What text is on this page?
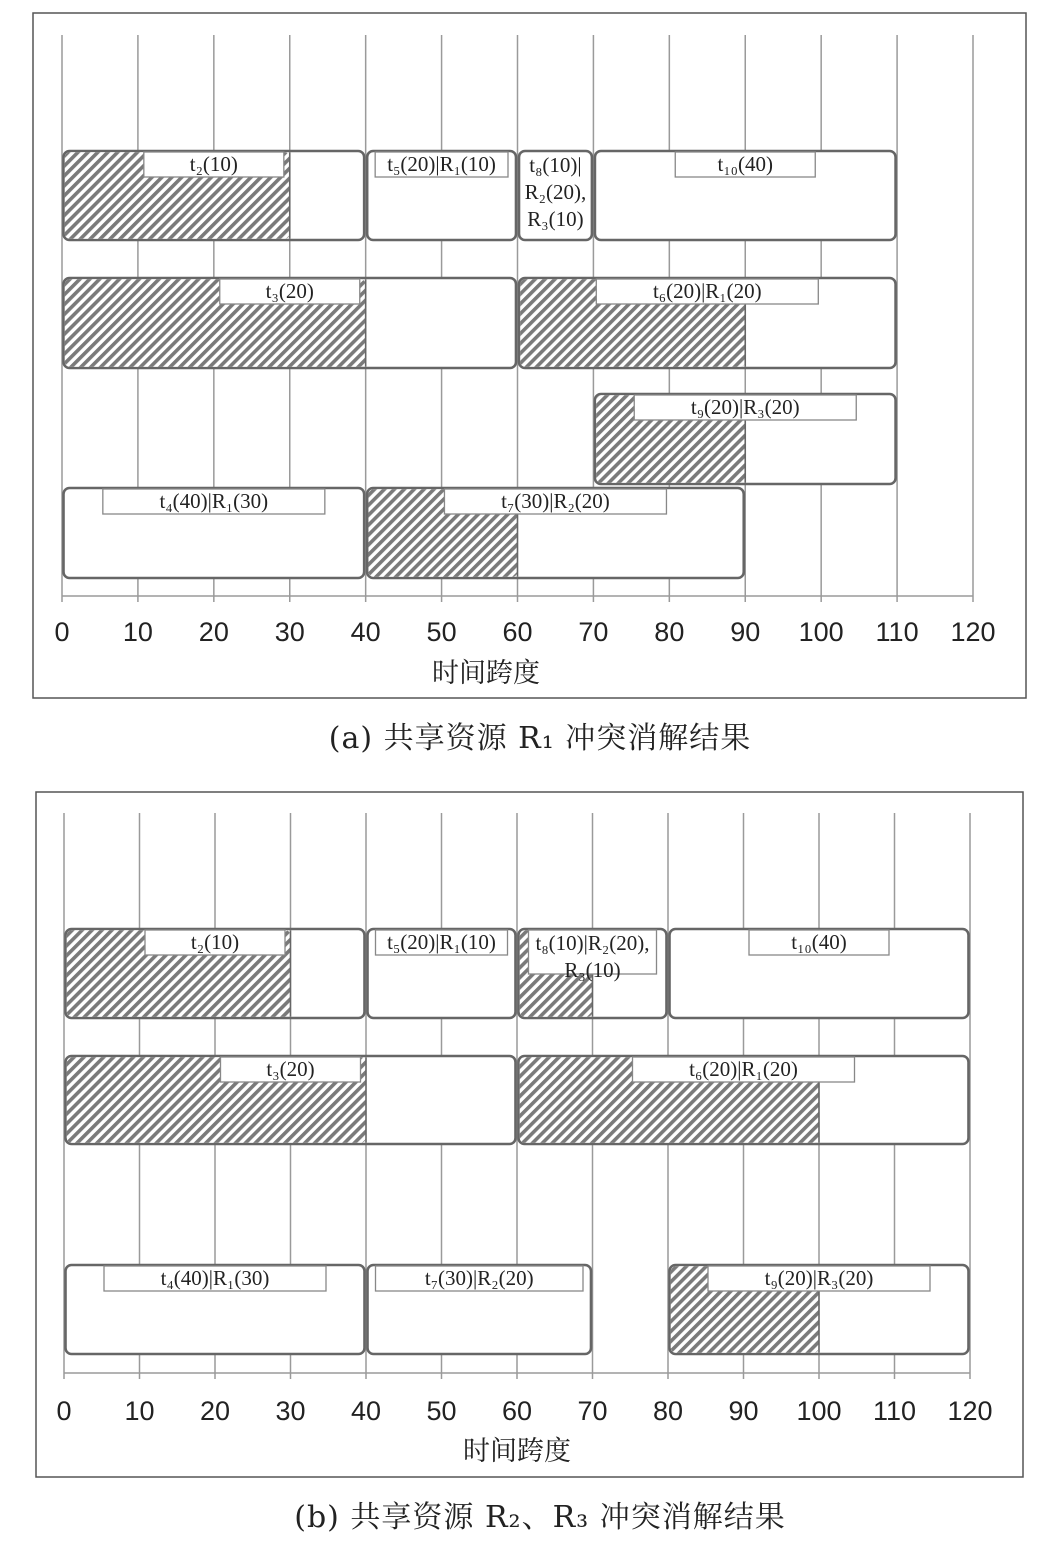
t₂(10)	t₅(20)|R₁(10) t₈(10)|
R₂(20),
R₃(10)
t₁₀(40)
t₃(20)	t₆(20)|R₁(20)
t₉(20)|R₃(20)
t₄(40)|R₁(30)	t₇(30)|R₂(20)
0 10 20 30 40 50 60 70 80 90 100 110 120
时间跨度
(a) 共享资源 R₁ 冲突消解结果
t₂(10)	t₅(20)|R₁(10) t₈(10)|R₂(20),
R₃(10)
t₁₀(40)
t₃(20)	t₆(20)|R₁(20)
t₄(40)|R₁(30)	t₇(30)|R₂(20)	t₉(20)|R₃(20)
0 10 20 30 40 50 60 70 80 90 100 110 120
时间跨度
(b) 共享资源 R₂、R₃ 冲突消解结果
